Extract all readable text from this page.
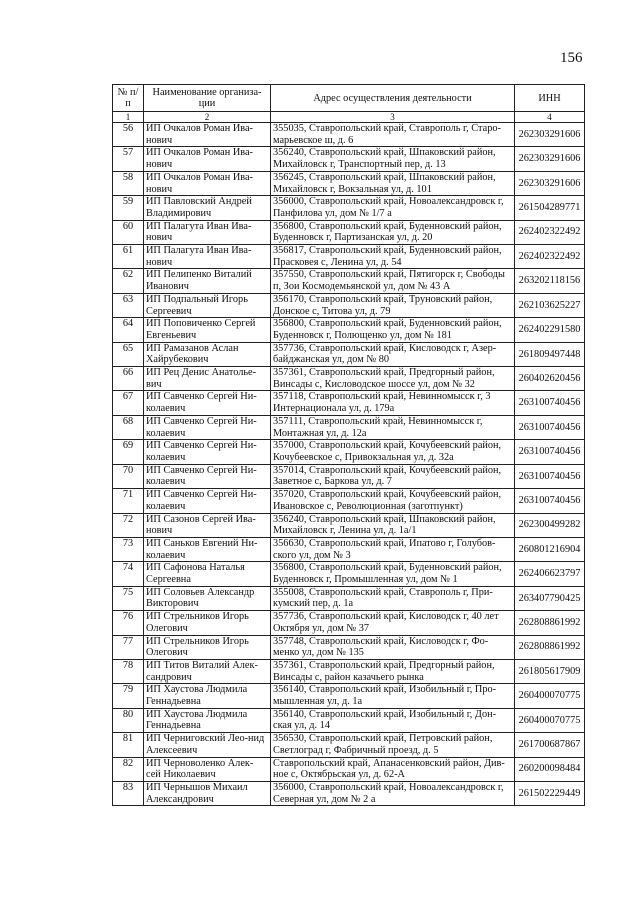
156
№ п/п	Наименование организа-ции	Адрес осуществления деятельности	ИНН
1	2	3	4
56	ИП Очкалов Роман Ива-нович	355035, Ставропольский край, Ставрополь г, Старо-марьевское ш, д. 6	262303291606
57	ИП Очкалов Роман Ива-нович	356240, Ставропольский край, Шпаковский район, Михайловск г, Транспортный пер, д. 13	262303291606
58	ИП Очкалов Роман Ива-нович	356245, Ставропольский край, Шпаковский район, Михайловск г, Вокзальная ул, д. 101	262303291606
59	ИП Павловский Андрей Владимирович	356000, Ставропольский край, Новоалександровск г, Панфилова ул, дом № 1/7 а	261504289771
60	ИП Палагута Иван Ива-нович	356800, Ставропольский край, Буденновский район, Буденновск г, Партизанская ул, д. 20	262402322492
61	ИП Палагута Иван Ива-нович	356817, Ставропольский край, Буденновский район, Прасковея с, Ленина ул, д. 54	262402322492
62	ИП Пелипенко Виталий Иванович	357550, Ставропольский край, Пятигорск г, Свободы п, Зои Космодемьянской ул, дом № 43 А	263202118156
63	ИП Подпальный Игорь Сергеевич	356170, Ставропольский край, Труновский район, Донское с, Титова ул, д. 79	262103625227
64	ИП Поповиченко Сергей Евгеньевич	356800, Ставропольский край, Буденновский район, Буденновск г, Полющенко ул, дом № 181	262402291580
65	ИП Рамазанов Аслан Хайрубекович	357736, Ставропольский край, Кисловодск г, Азер-байджанская ул, дом № 80	261809497448
66	ИП Рец Денис Анатолье-вич	357361, Ставропольский край, Предгорный район, Винсады с, Кисловодское шоссе ул, дом № 32	260402620456
67	ИП Савченко Сергей Ни-колаевич	357118, Ставропольский край, Невинномысск г, 3 Интернационала ул, д. 179а	263100740456
68	ИП Савченко Сергей Ни-колаевич	357111, Ставропольский край, Невинномысск г, Монтажная ул, д. 12а	263100740456
69	ИП Савченко Сергей Ни-колаевич	357000, Ставропольский край, Кочубеевский район, Кочубеевское с, Привокзальная ул, д. 32а	263100740456
70	ИП Савченко Сергей Ни-колаевич	357014, Ставропольский край, Кочубеевский район, Заветное с, Баркова ул, д. 7	263100740456
71	ИП Савченко Сергей Ни-колаевич	357020, Ставропольский край, Кочубеевский район, Ивановское с, Революционная (заготпункт)	263100740456
72	ИП Сазонов Сергей Ива-нович	356240, Ставропольский край, Шпаковский район, Михайловск г, Ленина ул, д. 1а/1	262300499282
73	ИП Саньков Евгений Ни-колаевич	356630, Ставропольский край, Ипатово г, Голубов-ского ул, дом № 3	260801216904
74	ИП Сафонова Наталья Сергеевна	356800, Ставропольский край, Буденновский район, Буденновск г, Промышленная ул, дом № 1	262406623797
75	ИП Соловьев Александр Викторович	355008, Ставропольский край, Ставрополь г, При-кумский пер, д. 1а	263407790425
76	ИП Стрельников Игорь Олегович	357736, Ставропольский край, Кисловодск г, 40 лет Октября ул, дом № 37	262808861992
77	ИП Стрельников Игорь Олегович	357748, Ставропольский край, Кисловодск г, Фо-менко ул, дом № 135	262808861992
78	ИП Титов Виталий Алек-сандрович	357361, Ставропольский край, Предгорный район, Винсады с, район казачьего рынка	261805617909
79	ИП Хаустова Людмила Геннадьевна	356140, Ставропольский край, Изобильный г, Про-мышленная ул, д. 1а	260400070775
80	ИП Хаустова Людмила Геннадьевна	356140, Ставропольский край, Изобильный г, Дон-ская ул, д. 14	260400070775
81	ИП Черниговский Лео-нид Алексеевич	356530, Ставропольский край, Петровский район, Светлоград г, Фабричный проезд, д. 5	261700687867
82	ИП Черноволенко Алек-сей Николаевич	Ставропольский край, Апанасенковский район, Див-ное с, Октябрьская ул, д. 62-А	260200098484
83	ИП Чернышов Михаил Александрович	356000, Ставропольский край, Новоалександровск г, Северная ул, дом № 2 а	261502229449
